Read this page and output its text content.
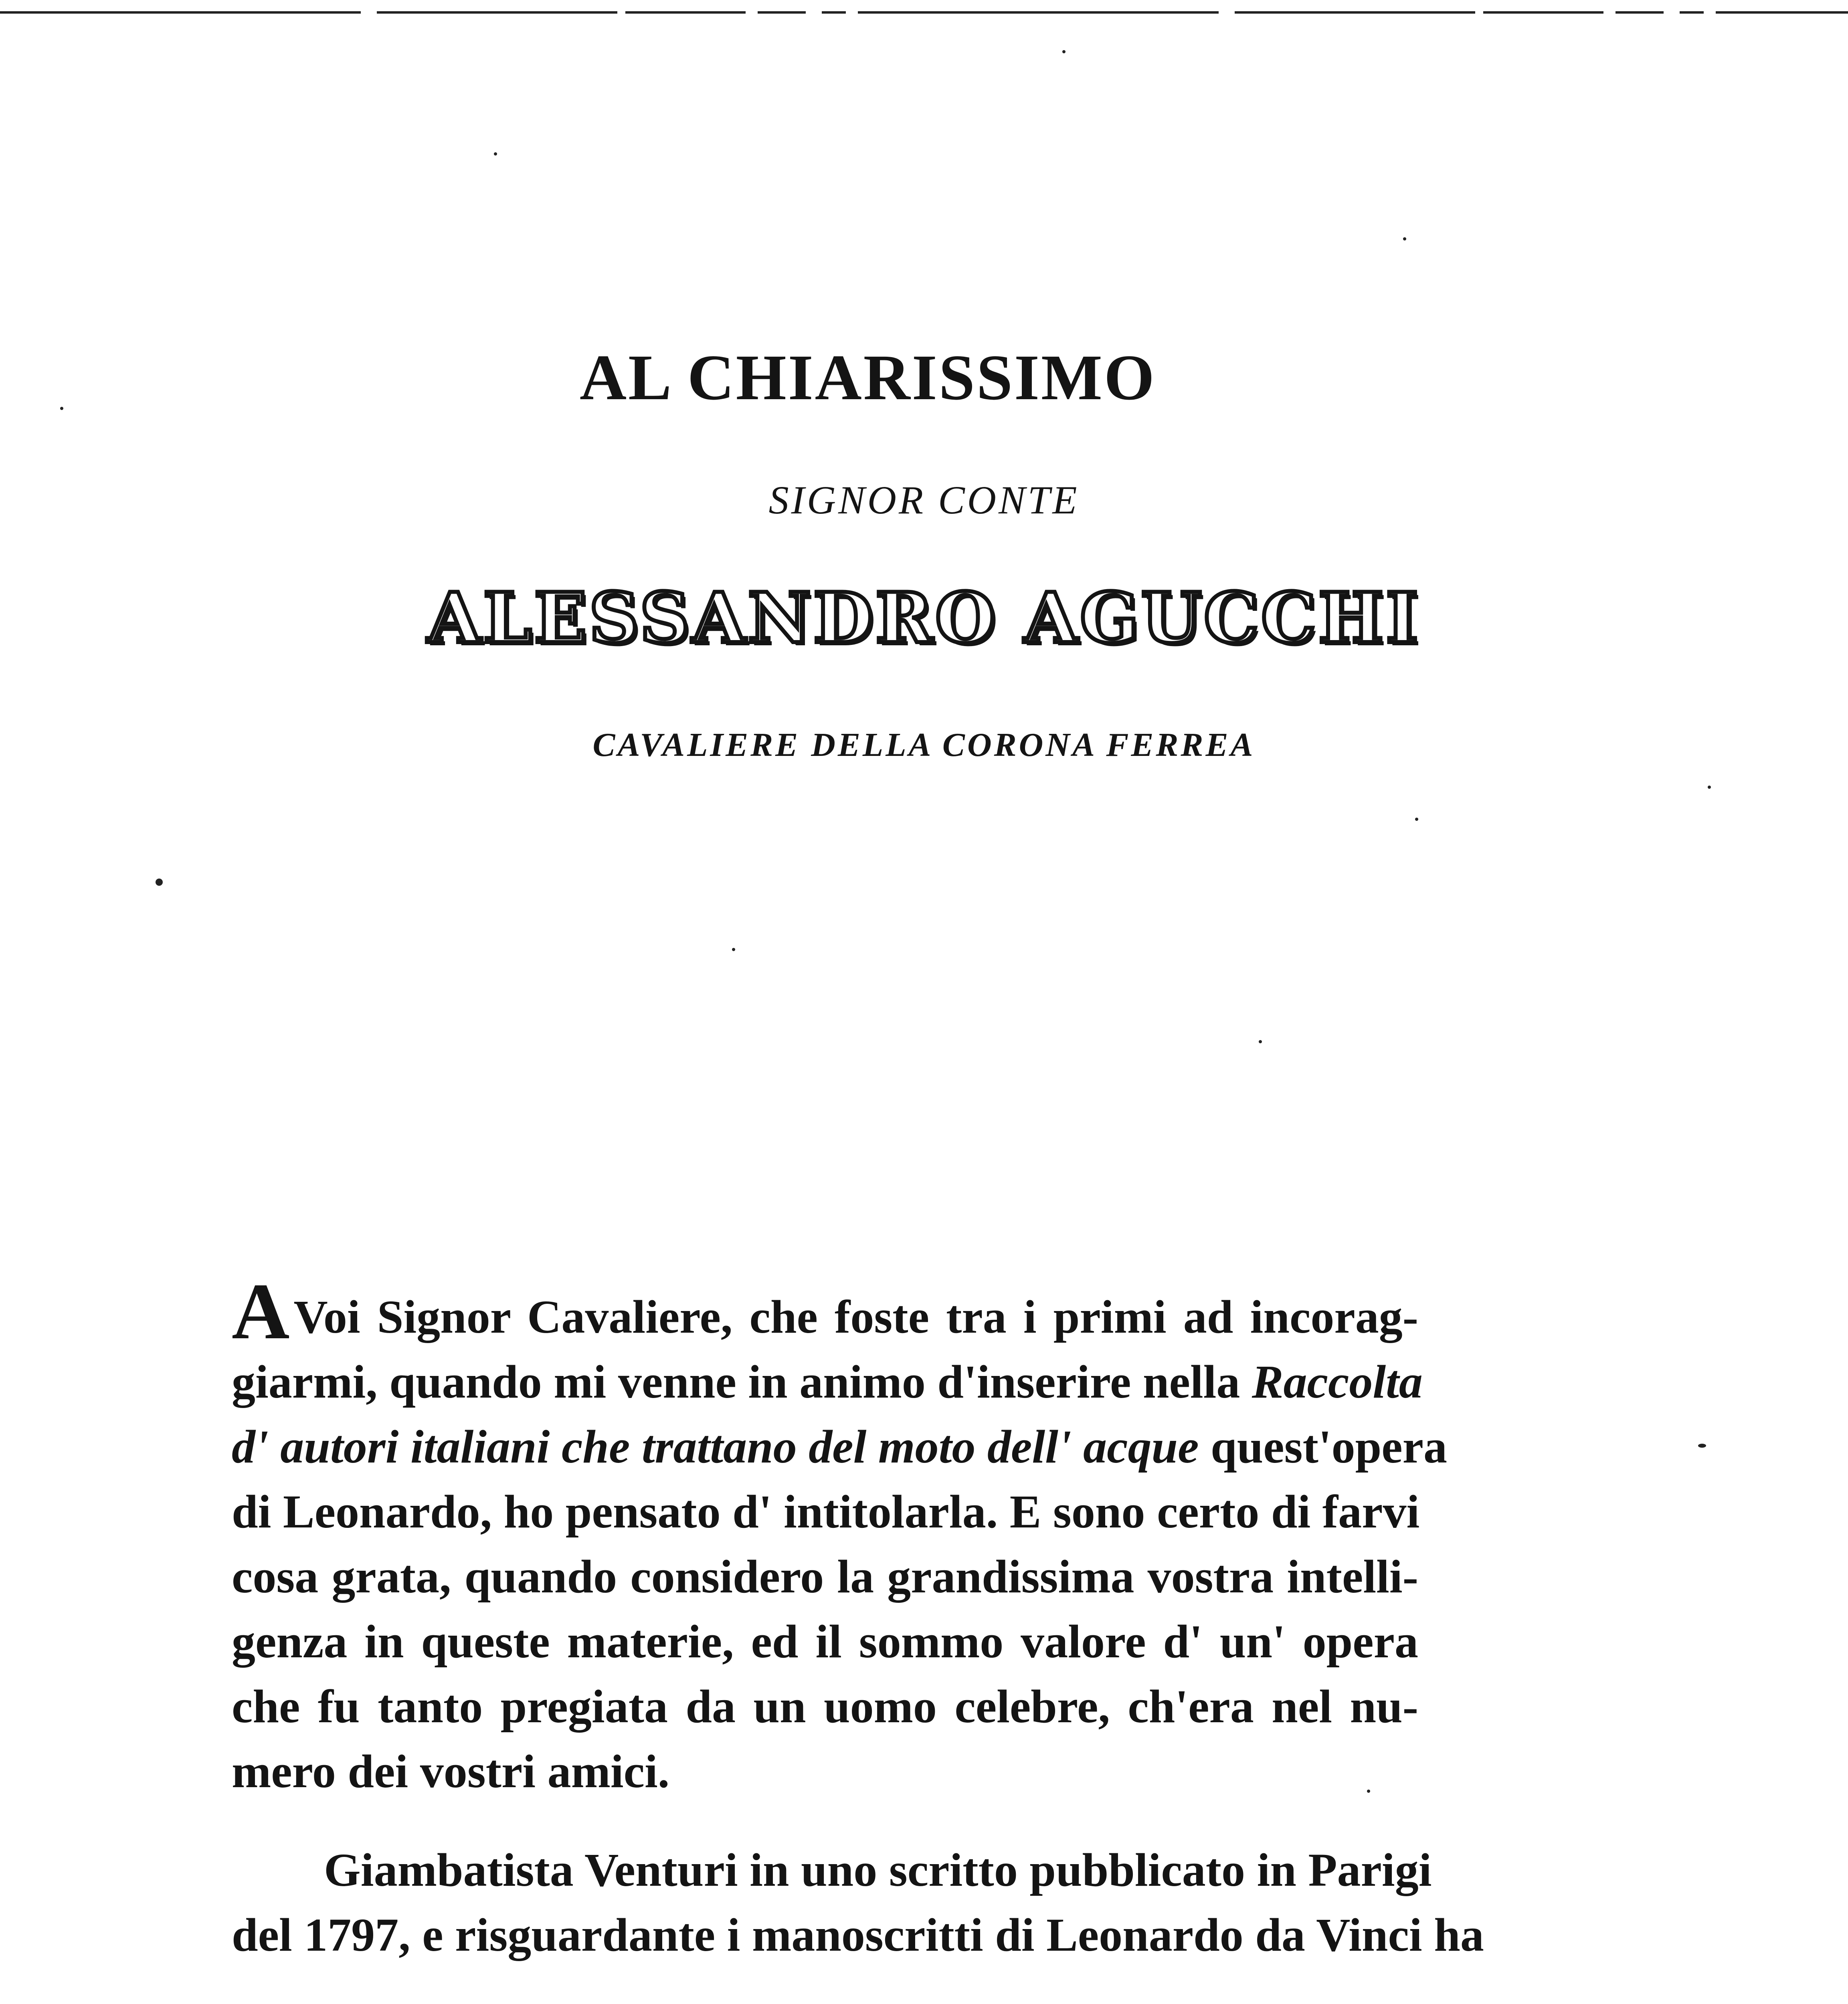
AL CHIARISSIMO
SIGNOR CONTE
ALESSANDRO AGUCCHI
CAVALIERE DELLA CORONA FERREA
AVoi Signor Cavaliere, che foste tra i primi ad incorag-
giarmi, quando mi venne in animo d'inserire nella Raccolta
d' autori italiani che trattano del moto dell' acque quest'opera
di Leonardo, ho pensato d' intitolarla. E sono certo di farvi
cosa grata, quando considero la grandissima vostra intelli-
genza in queste materie, ed il sommo valore d' un' opera
che fu tanto pregiata da un uomo celebre, ch'era nel nu-
mero dei vostri amici.
Giambatista Venturi in uno scritto pubblicato in Parigi
del 1797, e risguardante i manoscritti di Leonardo da Vinci ha
